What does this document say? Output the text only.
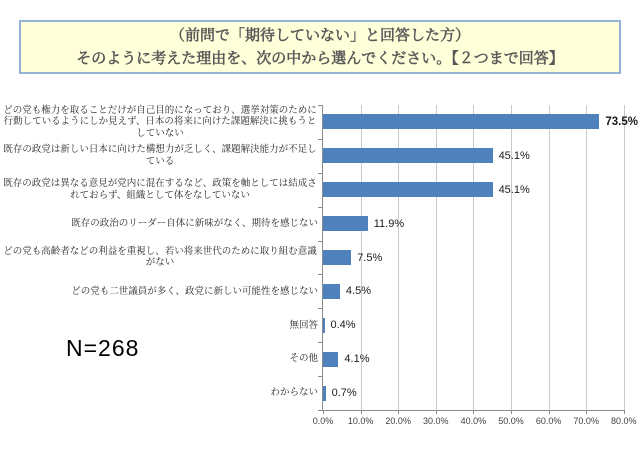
（前問で「期待していない」と回答した方）
そのように考えた理由を、次の中から選んでください。【２つまで回答】
どの党も権力を取ることだけが自己目的になっており、選挙対策のために行動しているようにしか見えず、日本の将来に向けた課題解決に挑もうとしていない
73.5%
既存の政党は新しい日本に向けた構想力が乏しく、課題解決能力が不足している	45.1%
既存の政党は異なる意見が党内に混在するなど、政策を軸としては結成されておらず、組織として体をなしていない	45.1%
既存の政治のリーダー自体に新味がなく、期待を感じない	11.9%
どの党も高齢者などの利益を重視し、若い将来世代のために取り組む意識がない	7.5%
どの党も二世議員が多く、政党に新しい可能性を感じない	4.5%
無回答 0.4%
その他 4.1%
わからない 0.7%
0.0%	10.0%	20.0%	30.0%	40.0%	50.0%	60.0%	70.0%	80.0%
N=268
